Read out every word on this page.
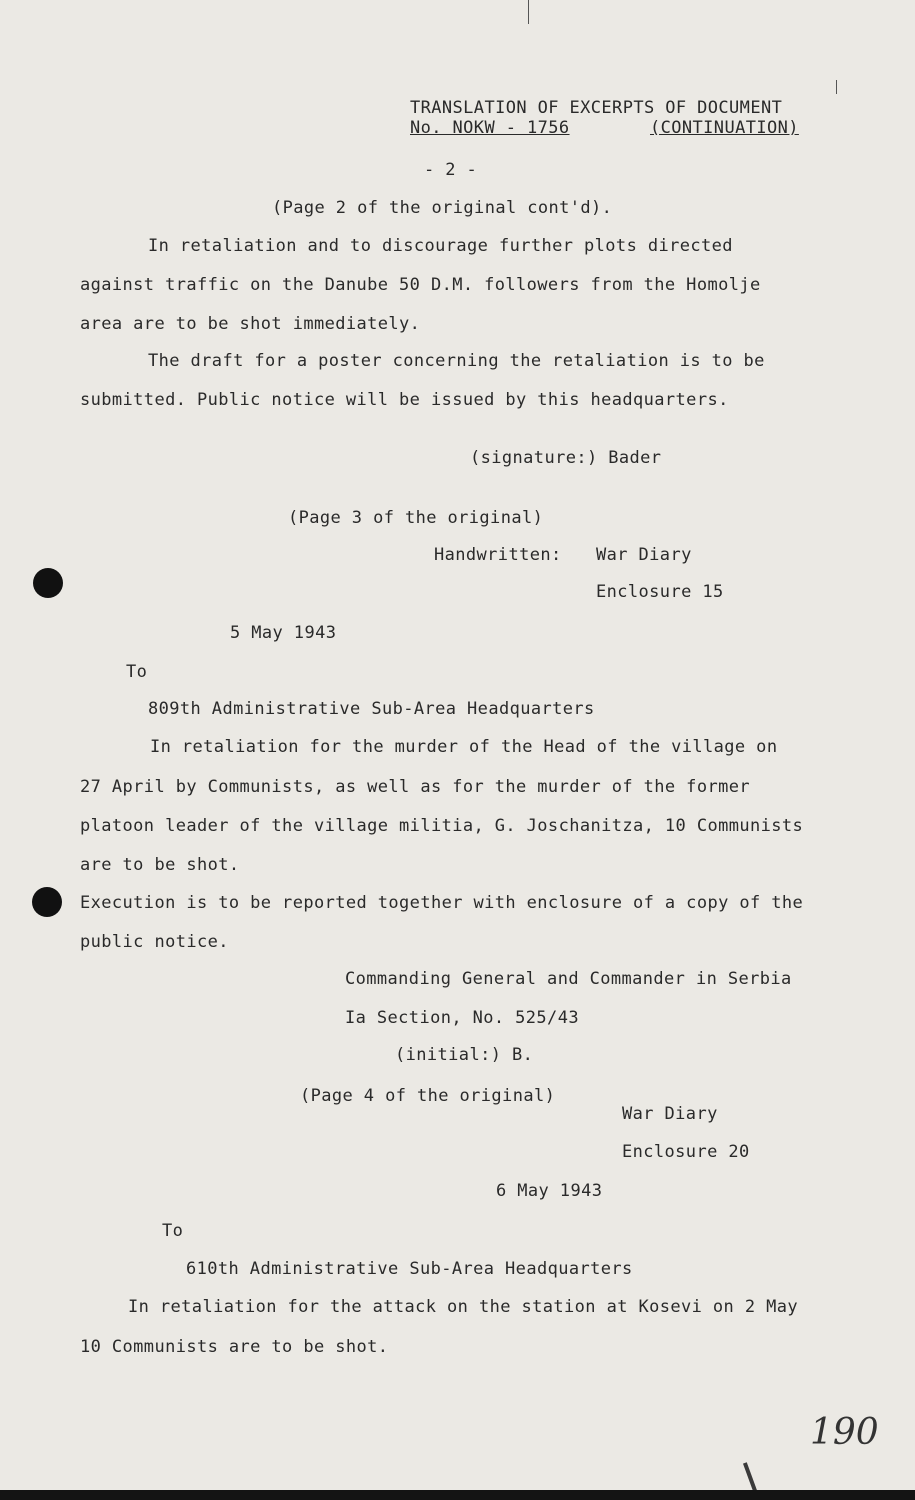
TRANSLATION OF EXCERPTS OF DOCUMENT
No. NOKW - 1756	(CONTINUATION)
- 2 -
(Page 2 of the original cont'd).
In retaliation and to discourage further plots directed
against traffic on the Danube 50 D.M. followers from the Homolje
area are to be shot immediately.
The draft for a poster concerning the retaliation is to be
submitted. Public notice will be issued by this headquarters.
(signature:) Bader
(Page 3 of the original)
Handwritten: War Diary
Enclosure 15
5 May 1943
To
809th Administrative Sub-Area Headquarters
In retaliation for the murder of the Head of the village on
27 April by Communists, as well as for the murder of the former
platoon leader of the village militia, G. Joschanitza, 10 Communists
are to be shot.
Execution is to be reported together with enclosure of a copy of the
public notice.
Commanding General and Commander in Serbia
Ia Section, No. 525/43
(initial:) B.
(Page 4 of the original)
War Diary
Enclosure 20
6 May 1943
To
610th Administrative Sub-Area Headquarters
In retaliation for the attack on the station at Kosevi on 2 May
10 Communists are to be shot.
190
